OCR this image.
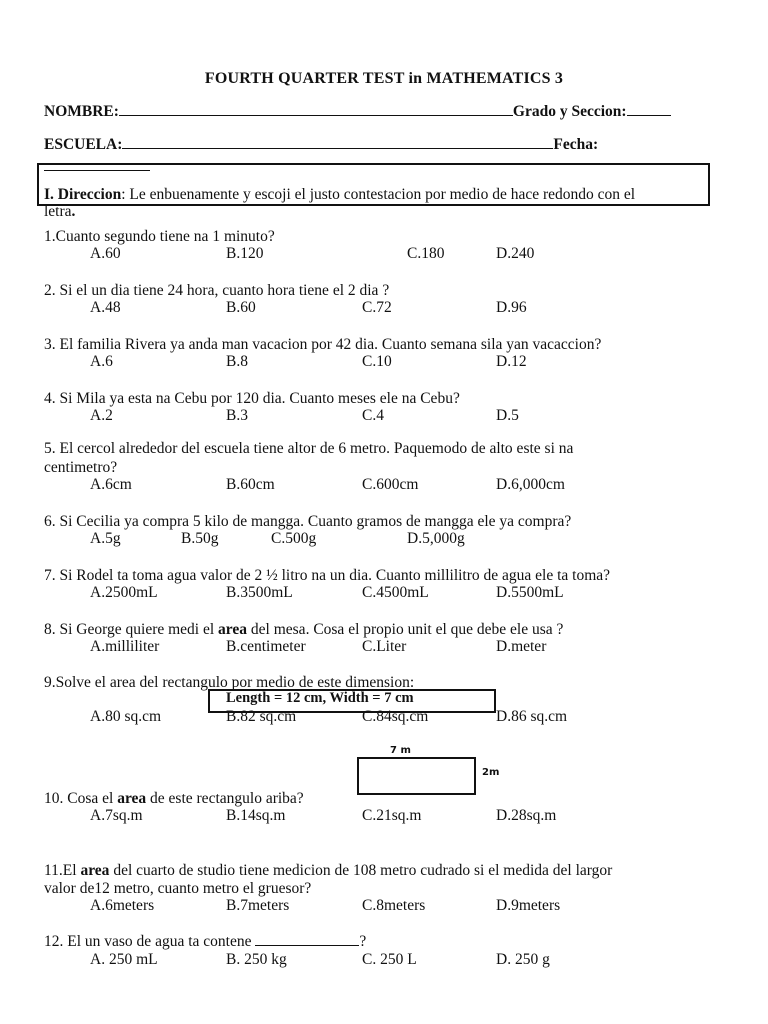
FOURTH QUARTER TEST in MATHEMATICS 3
NOMBRE:	Grado y Seccion:
ESCUELA:	Fecha:
I. Direccion: Le enbuenamente y escoji el justo contestacion por medio de hace redondo con el
letra.
1.Cuanto segundo tiene na 1 minuto?
A.60	B.120	C.180	D.240
2. Si el un dia tiene 24 hora, cuanto hora tiene el 2 dia ?
A.48	B.60	C.72	D.96
3. El familia Rivera ya anda man vacacion por 42 dia. Cuanto semana sila yan vacaccion?
A.6	B.8	C.10	D.12
4. Si Mila ya esta na Cebu por 120 dia. Cuanto meses ele na Cebu?
A.2	B.3	C.4	D.5
5. El cercol alrededor del escuela tiene altor de 6 metro. Paquemodo de alto este si na
centimetro?
A.6cm	B.60cm	C.600cm	D.6,000cm
6. Si Cecilia ya compra 5 kilo de mangga. Cuanto gramos de mangga ele ya compra?
A.5g	B.50g	C.500g	D.5,000g
7. Si Rodel ta toma agua valor de 2 ½ litro na un dia. Cuanto millilitro de agua ele ta toma?
A.2500mL	B.3500mL	C.4500mL	D.5500mL
8. Si George quiere medi el area del mesa. Cosa el propio unit el que debe ele usa ?
A.milliliter	B.centimeter	C.Liter	D.meter
9.Solve el area del rectangulo por medio de este dimension:
Length = 12 cm, Width = 7 cm
A.80 sq.cm	B.82 sq.cm	C.84sq.cm	D.86 sq.cm
7 m
2m
10. Cosa el area de este rectangulo ariba?
A.7sq.m	B.14sq.m	C.21sq.m	D.28sq.m
11.El area del cuarto de studio tiene medicion de 108 metro cudrado si el medida del largor
valor de12 metro, cuanto metro el gruesor?
A.6meters	B.7meters	C.8meters	D.9meters
12. El un vaso de agua ta contene	?
A. 250 mL	B. 250 kg	C. 250 L	D. 250 g
